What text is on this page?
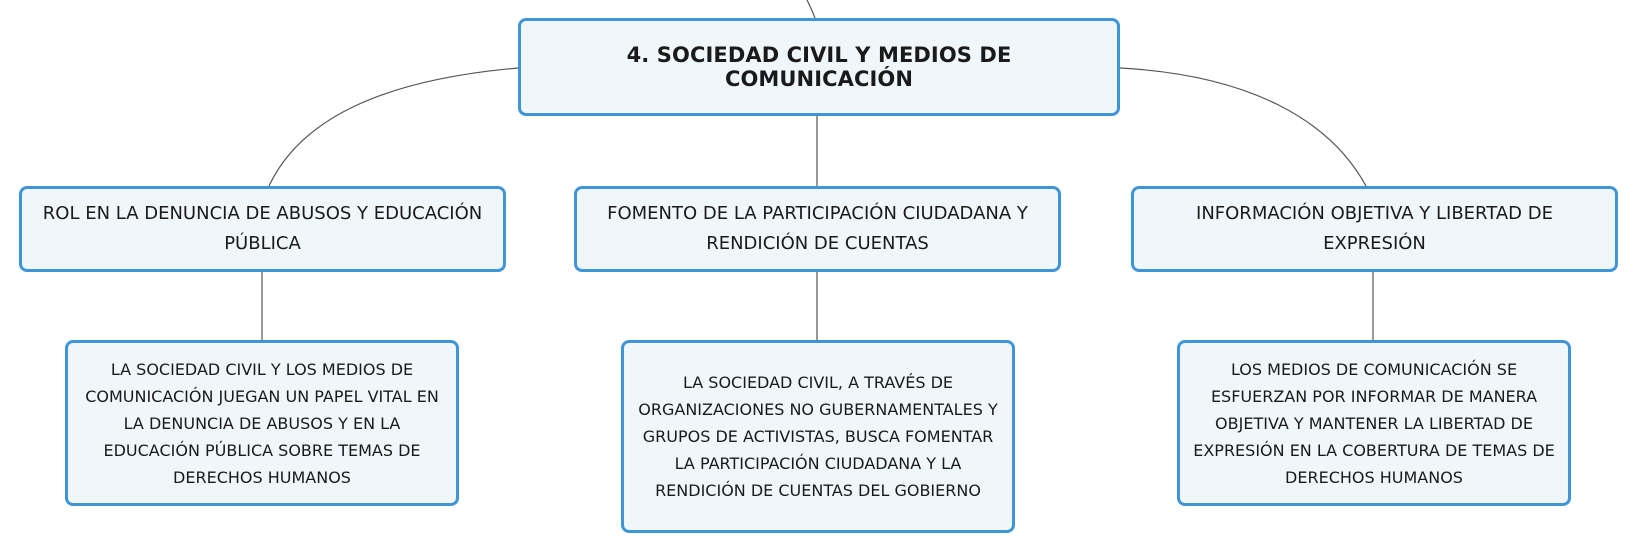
4. SOCIEDAD CIVIL Y MEDIOS DE COMUNICACIÓN
ROL EN LA DENUNCIA DE ABUSOS Y EDUCACIÓN PÚBLICA
FOMENTO DE LA PARTICIPACIÓN CIUDADANA Y RENDICIÓN DE CUENTAS
INFORMACIÓN OBJETIVA Y LIBERTAD DE EXPRESIÓN
LA SOCIEDAD CIVIL Y LOS MEDIOS DE COMUNICACIÓN JUEGAN UN PAPEL VITAL EN LA DENUNCIA DE ABUSOS Y EN LA EDUCACIÓN PÚBLICA SOBRE TEMAS DE DERECHOS HUMANOS
LA SOCIEDAD CIVIL, A TRAVÉS DE ORGANIZACIONES NO GUBERNAMENTALES Y GRUPOS DE ACTIVISTAS, BUSCA FOMENTAR LA PARTICIPACIÓN CIUDADANA Y LA RENDICIÓN DE CUENTAS DEL GOBIERNO
LOS MEDIOS DE COMUNICACIÓN SE ESFUERZAN POR INFORMAR DE MANERA OBJETIVA Y MANTENER LA LIBERTAD DE EXPRESIÓN EN LA COBERTURA DE TEMAS DE DERECHOS HUMANOS
